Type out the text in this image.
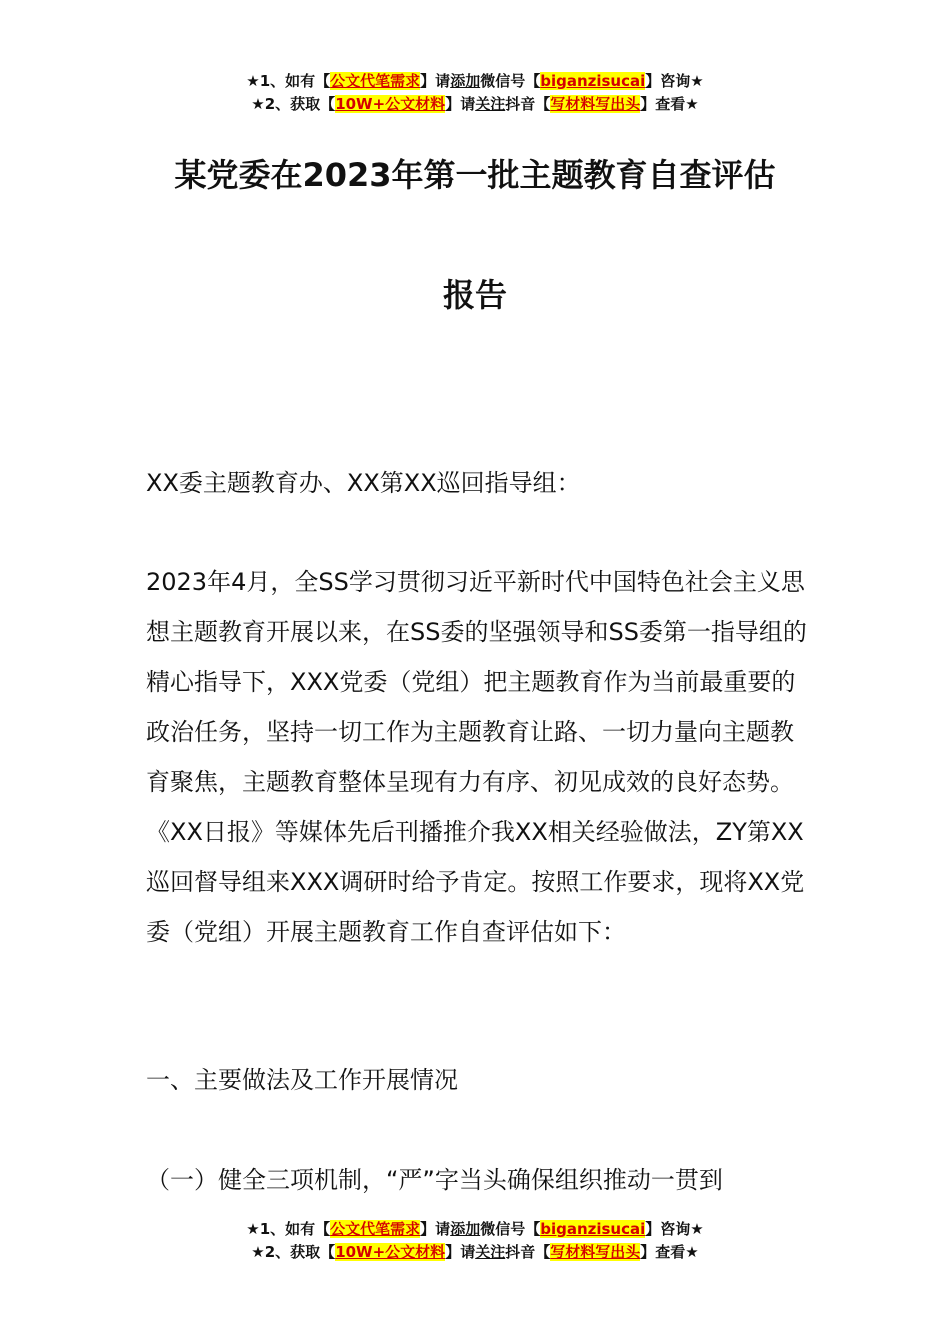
★1、如有【公文代笔需求】请添加微信号【biganzisucai】咨询★
★2、获取【10W+公文材料】请关注抖音【写材料写出头】查看★
某党委在2023年第一批主题教育自查评估
报告
XX委主题教育办、XX第XX巡回指导组：
2023年4月，全SS学习贯彻习近平新时代中国特色社会主义思想主题教育开展以来，在SS委的坚强领导和SS委第一指导组的精心指导下，XXX党委（党组）把主题教育作为当前最重要的政治任务，坚持一切工作为主题教育让路、一切力量向主题教育聚焦，主题教育整体呈现有力有序、初见成效的良好态势。《XX日报》等媒体先后刊播推介我XX相关经验做法，ZY第XX巡回督导组来XXX调研时给予肯定。按照工作要求，现将XX党委（党组）开展主题教育工作自查评估如下：
一、主要做法及工作开展情况
（一）健全三项机制，“严”字当头确保组织推动一贯到
★1、如有【公文代笔需求】请添加微信号【biganzisucai】咨询★
★2、获取【10W+公文材料】请关注抖音【写材料写出头】查看★
